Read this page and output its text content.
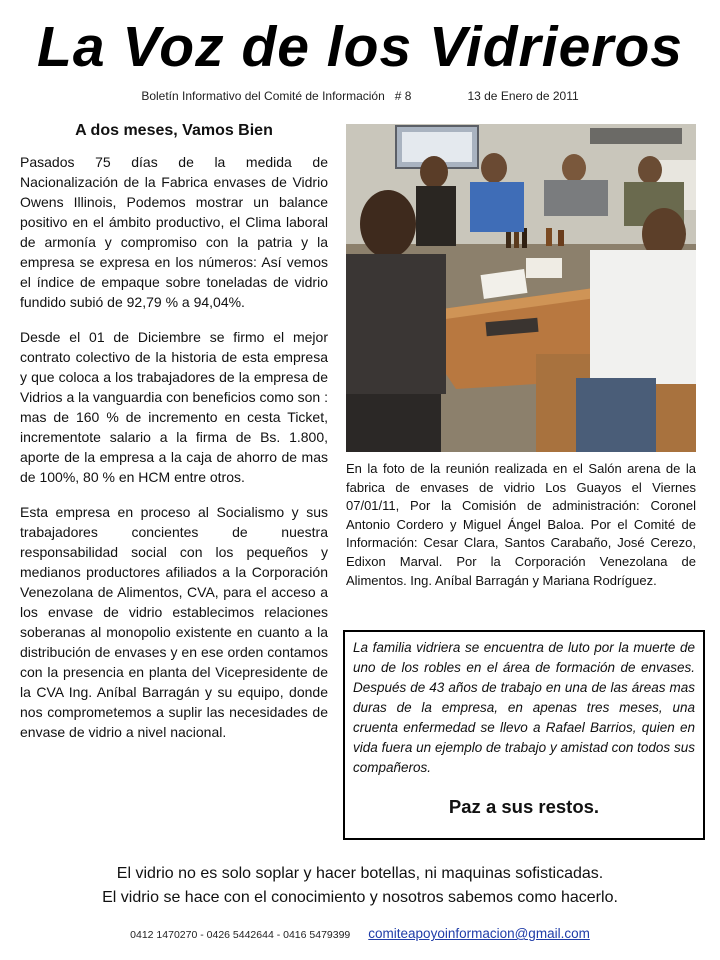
La Voz de los Vidrieros
Boletín Informativo del Comité de Información # 8	13 de Enero de 2011
A dos meses, Vamos Bien

Pasados 75 días de la medida de Nacionalización de la Fabrica envases de Vidrio Owens Illinois, Podemos mostrar un balance positivo en el ámbito productivo, el Clima laboral de armonía y compromiso con la patria y la empresa se expresa en los números: Así vemos el índice de empaque sobre toneladas de vidrio fundido subió de 92,79 % a 94,04%.

Desde el 01 de Diciembre se firmo el mejor contrato colectivo de la historia de esta empresa y que coloca a los trabajadores de la empresa de Vidrios a la vanguardia con beneficios como son : mas de 160 % de incremento en cesta Ticket, incrementote salario a la firma de Bs. 1.800, aporte de la empresa a la caja de ahorro de mas de 100%, 80 % en HCM entre otros.

Esta empresa en proceso al Socialismo y sus trabajadores concientes de nuestra responsabilidad social con los pequeños y medianos productores afiliados a la Corporación Venezolana de Alimentos, CVA, para el acceso a los envase de vidrio establecimos relaciones soberanas al monopolio existente en cuanto a la distribución de envases y en ese orden contamos con la presencia en planta del Vicepresidente de la CVA Ing. Aníbal Barragán y su equipo, donde nos comprometemos a suplir las necesidades de envase de vidrio a nivel nacional.

En la foto de la reunión realizada en el Salón arena de la fabrica de envases de vidrio Los Guayos el Viernes 07/01/11, Por la Comisión de administración: Coronel Antonio Cordero y Miguel Ángel Baloa. Por el Comité de Información: Cesar Clara, Santos Carabaño, José Cerezo, Edixon Marval. Por la Corporación Venezolana de Alimentos. Ing. Aníbal Barragán y Mariana Rodríguez.

La familia vidriera se encuentra de luto por la muerte de uno de los robles en el área de formación de envases. Después de 43 años de trabajo en una de las áreas mas duras de la empresa, en apenas tres meses, una cruenta enfermedad se llevo a Rafael Barrios, quien en vida fuera un ejemplo de trabajo y amistad con todos sus compañeros.

Paz a sus restos.
El vidrio no es solo soplar y hacer botellas, ni maquinas sofisticadas.
El vidrio se hace con el conocimiento y nosotros sabemos como hacerlo.
0412 1470270 - 0426 5442644 - 0416 5479399 comiteapoyoinformacion@gmail.com
